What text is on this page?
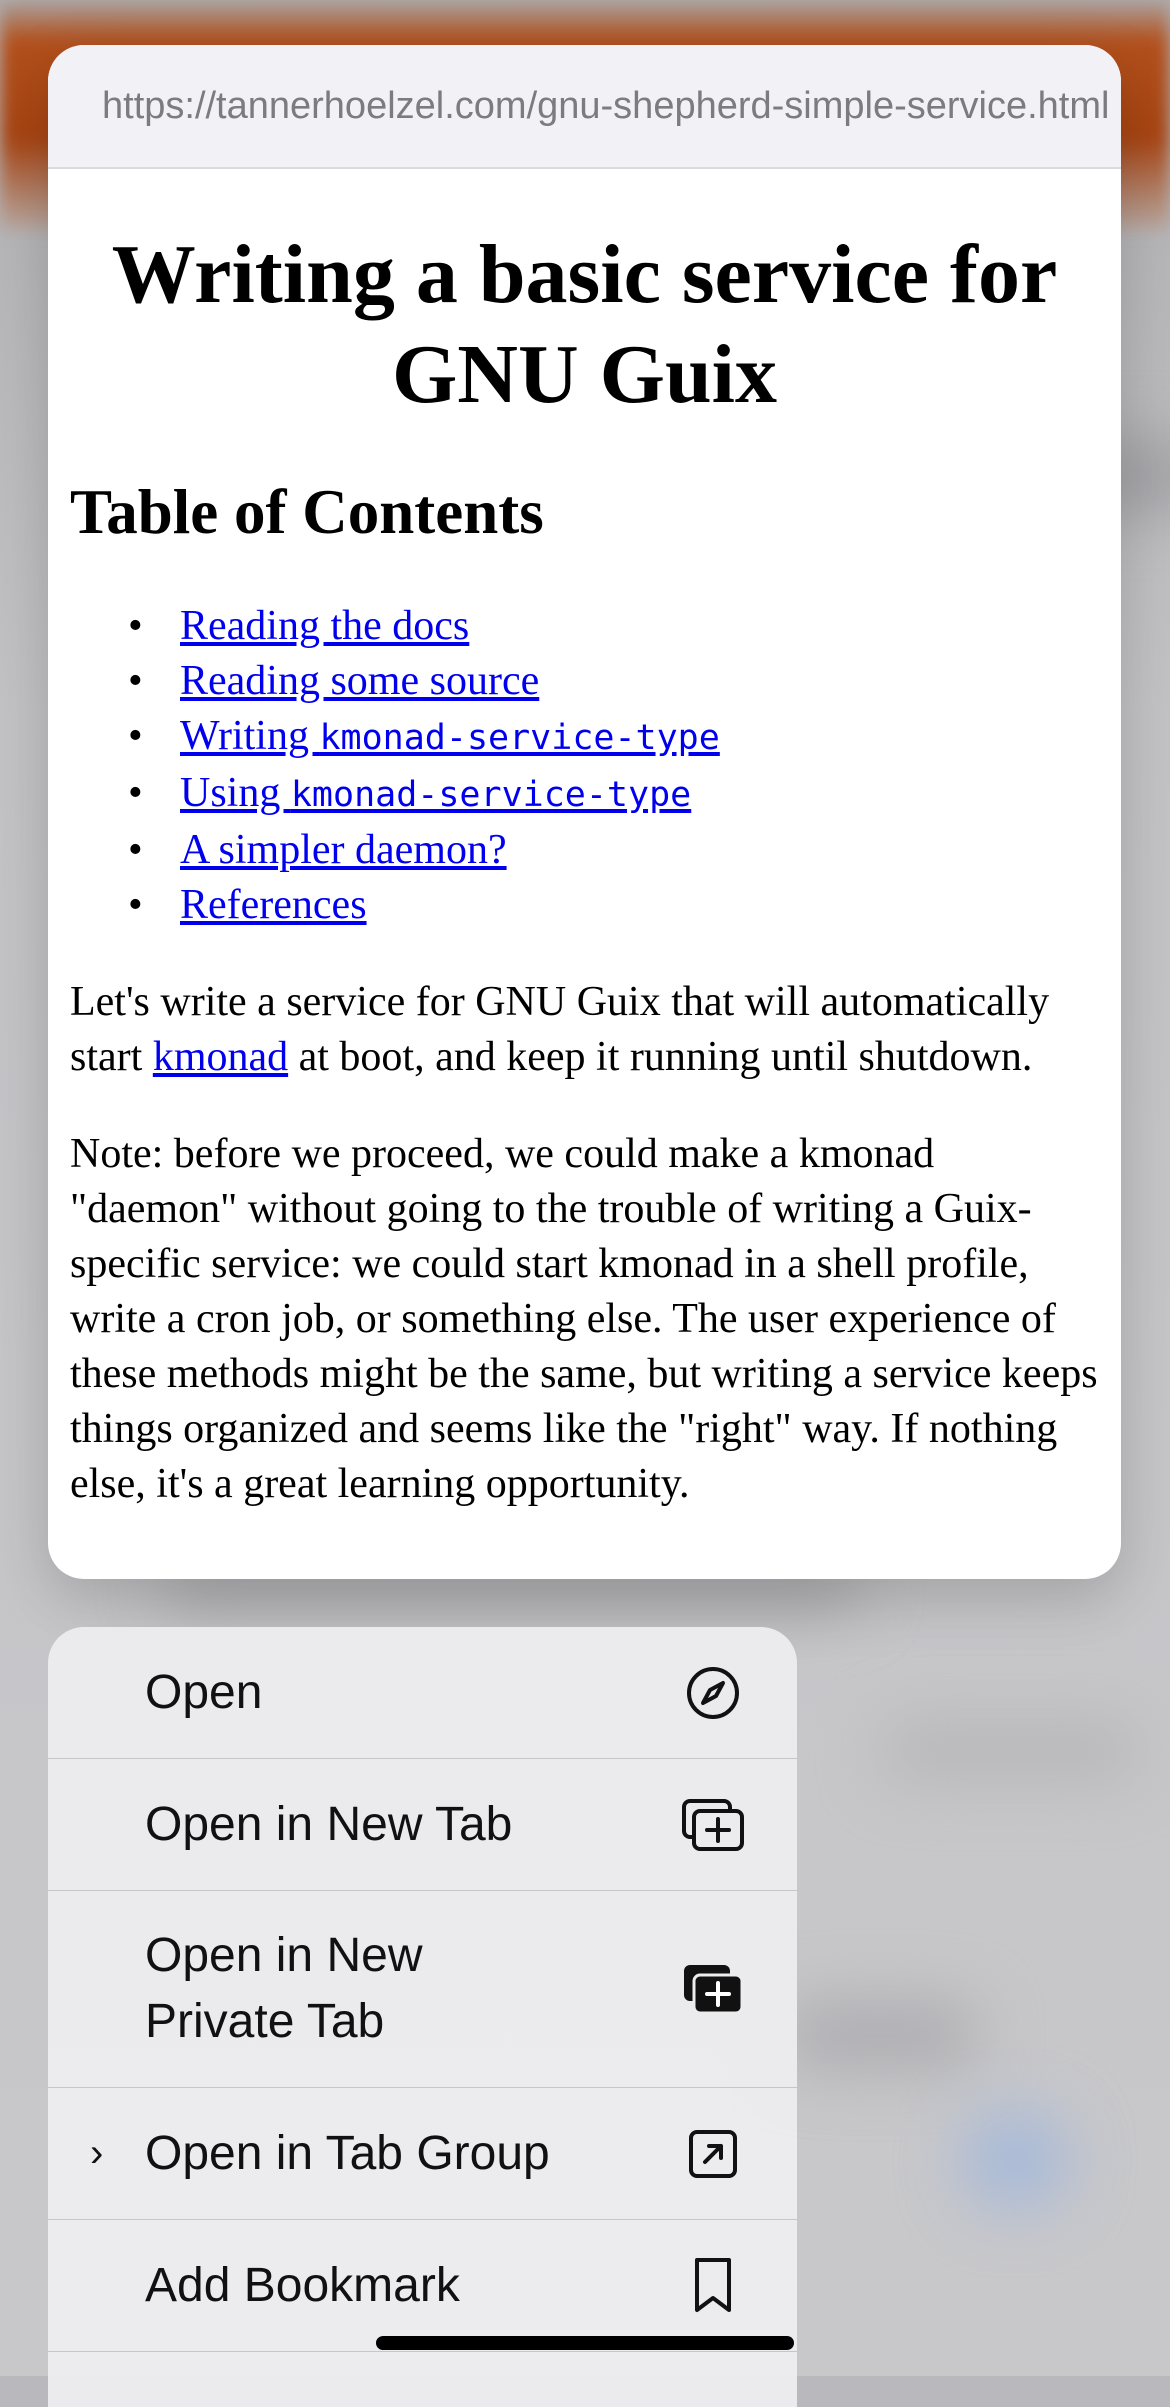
https://tannerhoelzel.com/gnu-shepherd-simple-service.html
Writing a basic service for
GNU Guix
Table of Contents
• Reading the docs
• Reading some source
• Writing kmonad-service-type
• Using kmonad-service-type
• A simpler daemon?
• References

Let's write a service for GNU Guix that will automatically start kmonad at boot, and keep it running until shutdown.

Note: before we proceed, we could make a kmonad "daemon" without going to the trouble of writing a Guix-specific service: we could start kmonad in a shell profile, write a cron job, or something else. The user experience of these methods might be the same, but writing a service keeps things organized and seems like the "right" way. If nothing else, it's a great learning opportunity.

Open
Open in New Tab
Open in New
Private Tab
› Open in Tab Group
Add Bookmark
